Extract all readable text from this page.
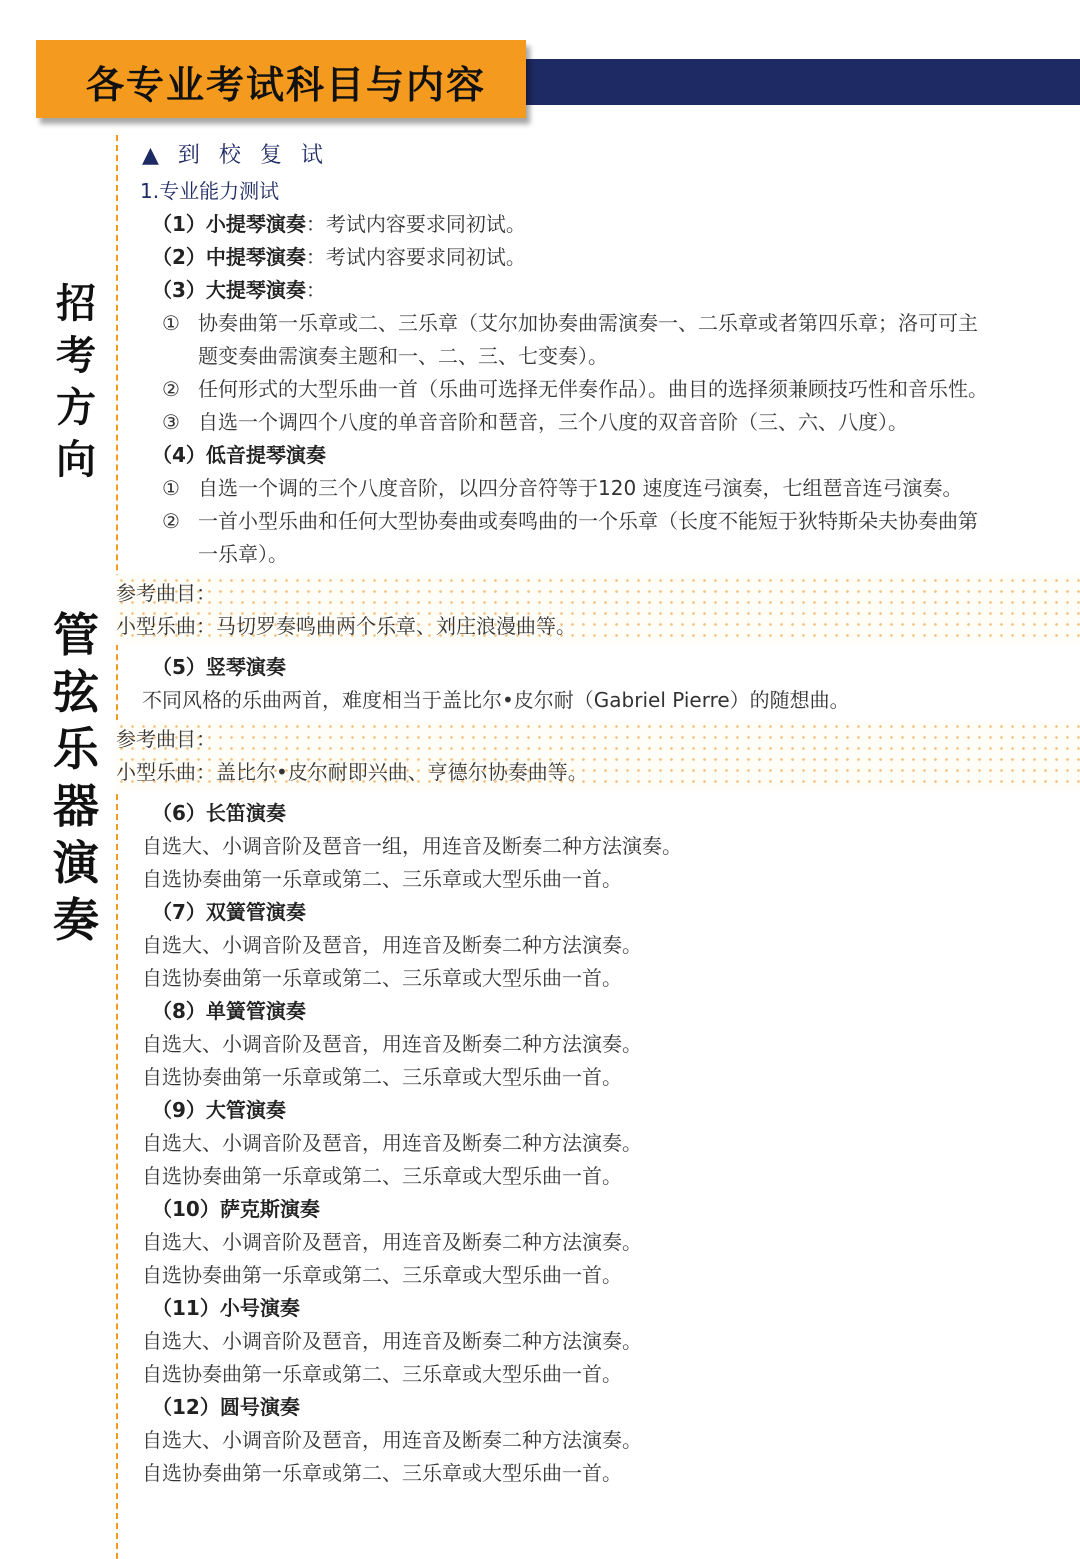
25
各专业考试科目与内容
招
考
方
向
管
弦
乐
器
演
奏
▲ 到 校 复 试
1.专业能力测试
（1）小提琴演奏：考试内容要求同初试。
（2）中提琴演奏：考试内容要求同初试。
（3）大提琴演奏：
① 协奏曲第一乐章或二、三乐章（艾尔加协奏曲需演奏一、二乐章或者第四乐章；洛可可主
题变奏曲需演奏主题和一、二、三、七变奏）。
② 任何形式的大型乐曲一首（乐曲可选择无伴奏作品）。曲目的选择须兼顾技巧性和音乐性。
③ 自选一个调四个八度的单音音阶和琶音，三个八度的双音音阶（三、六、八度）。
（4）低音提琴演奏
① 自选一个调的三个八度音阶，以四分音符等于120 速度连弓演奏，七组琶音连弓演奏。
② 一首小型乐曲和任何大型协奏曲或奏鸣曲的一个乐章（长度不能短于狄特斯朵夫协奏曲第
一乐章）。
参考曲目：
小型乐曲：马切罗奏鸣曲两个乐章、刘庄浪漫曲等。
（5）竖琴演奏
不同风格的乐曲两首，难度相当于盖比尔•皮尔耐（Gabriel Pierre）的随想曲。
参考曲目：
小型乐曲：盖比尔•皮尔耐即兴曲、亨德尔协奏曲等。
（6）长笛演奏
自选大、小调音阶及琶音一组，用连音及断奏二种方法演奏。
自选协奏曲第一乐章或第二、三乐章或大型乐曲一首。
（7）双簧管演奏
自选大、小调音阶及琶音，用连音及断奏二种方法演奏。
自选协奏曲第一乐章或第二、三乐章或大型乐曲一首。
（8）单簧管演奏
自选大、小调音阶及琶音，用连音及断奏二种方法演奏。
自选协奏曲第一乐章或第二、三乐章或大型乐曲一首。
（9）大管演奏
自选大、小调音阶及琶音，用连音及断奏二种方法演奏。
自选协奏曲第一乐章或第二、三乐章或大型乐曲一首。
（10）萨克斯演奏
自选大、小调音阶及琶音，用连音及断奏二种方法演奏。
自选协奏曲第一乐章或第二、三乐章或大型乐曲一首。
（11）小号演奏
自选大、小调音阶及琶音，用连音及断奏二种方法演奏。
自选协奏曲第一乐章或第二、三乐章或大型乐曲一首。
（12）圆号演奏
自选大、小调音阶及琶音，用连音及断奏二种方法演奏。
自选协奏曲第一乐章或第二、三乐章或大型乐曲一首。
